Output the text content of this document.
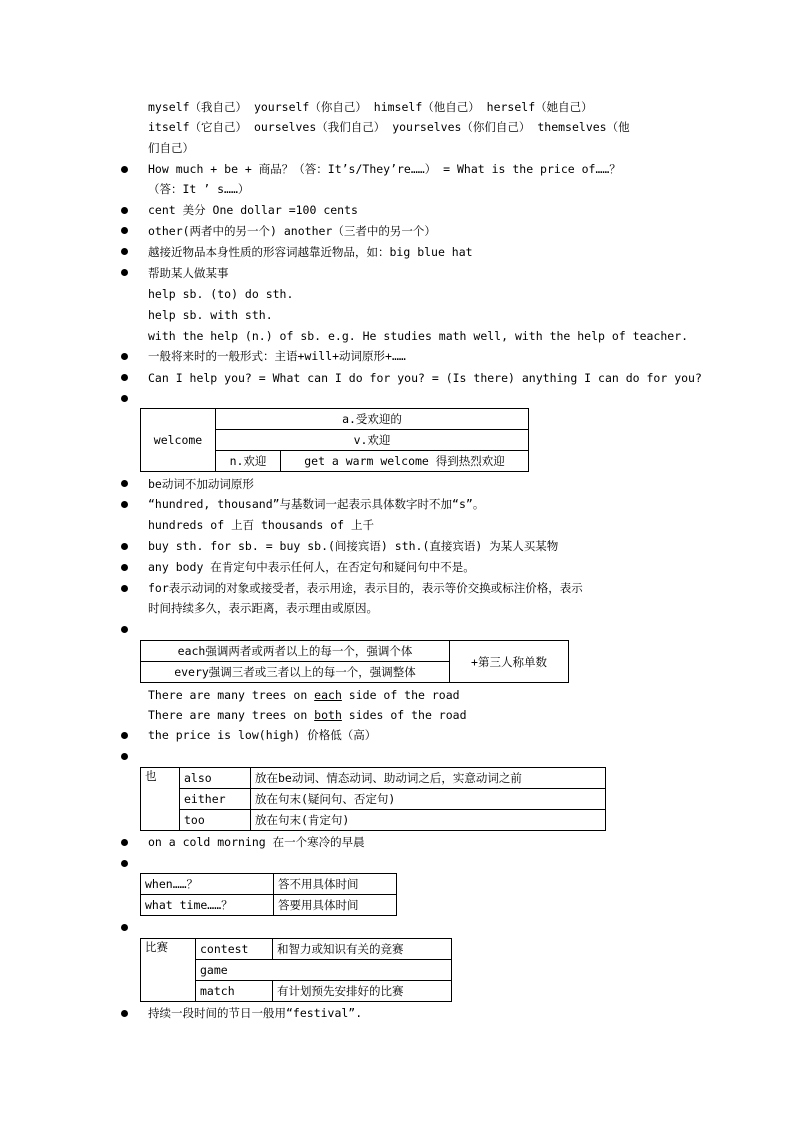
myself（我自己） yourself（你自己） himself（他自己） herself（她自己）
itself（它自己） ourselves（我们自己） yourselves（你们自己） themselves（他
们自己）
How much + be + 商品？（答：It’s/They’re……） = What is the price of……？
（答：It ’ s……）
cent 美分 One dollar =100 cents
other(两者中的另一个) another（三者中的另一个）
越接近物品本身性质的形容词越靠近物品，如：big blue hat
帮助某人做某事
help sb. (to) do sth.
help sb. with sth.
with the help (n.) of sb. e.g. He studies math well, with the help of teacher.
一般将来时的一般形式：主语+will+动词原形+……
Can I help you? = What can I do for you? = (Is there) anything I can do for you?
welcome	a.受欢迎的	
	v.欢迎	
	n.欢迎	get a warm welcome 得到热烈欢迎
be动词不加动词原形
“hundred, thousand”与基数词一起表示具体数字时不加“s”。
hundreds of 上百 thousands of 上千
buy sth. for sb. = buy sb.(间接宾语) sth.(直接宾语) 为某人买某物
any body 在肯定句中表示任何人，在否定句和疑问句中不是。
for表示动词的对象或接受者，表示用途，表示目的，表示等价交换或标注价格，表示
时间持续多久，表示距离，表示理由或原因。
each强调两者或两者以上的每一个，强调个体	+第三人称单数
every强调三者或三者以上的每一个，强调整体
There are many trees on each side of the road
There are many trees on both sides of the road
the price is low(high) 价格低（高）
也	also	放在be动词、情态动词、助动词之后，实意动词之前
	either	放在句末(疑问句、否定句)
	too	放在句末(肯定句)
on a cold morning 在一个寒冷的早晨
when……？	答不用具体时间
what time……？	答要用具体时间
比赛	contest	和智力或知识有关的竞赛
	game	
	match	有计划预先安排好的比赛
持续一段时间的节日一般用“festival”.
